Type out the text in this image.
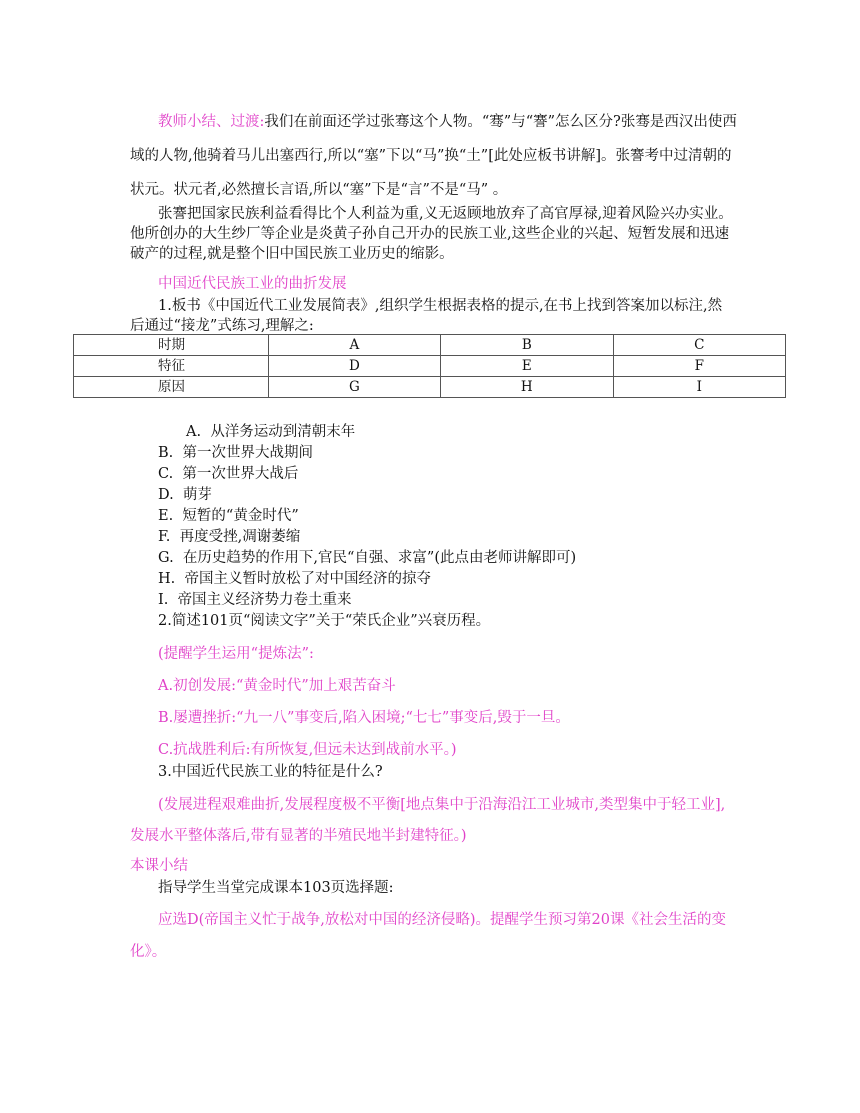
教师小结、过渡:我们在前面还学过张骞这个人物。“骞”与“謇”怎么区分?张骞是西汉出使西
域的人物,他骑着马儿出塞西行,所以“塞”下以“马”换“土”[此处应板书讲解]。张謇考中过清朝的
状元。状元者,必然擅长言语,所以“塞”下是“言”不是“马” 。
张謇把国家民族利益看得比个人利益为重,义无返顾地放弃了高官厚禄,迎着风险兴办实业。
他所创办的大生纱厂等企业是炎黄子孙自己开办的民族工业,这些企业的兴起、短暂发展和迅速
破产的过程,就是整个旧中国民族工业历史的缩影。
中国近代民族工业的曲折发展
1.板书《中国近代工业发展简表》,组织学生根据表格的提示,在书上找到答案加以标注,然
后通过“接龙”式练习,理解之:
时期	A	B	C
特征	D	E	F
原因	G	H	I
A. 从洋务运动到清朝末年
B. 第一次世界大战期间
C. 第一次世界大战后
D. 萌芽
E. 短暂的“黄金时代”
F. 再度受挫,凋谢萎缩
G. 在历史趋势的作用下,官民“自强、求富”(此点由老师讲解即可)
H. 帝国主义暂时放松了对中国经济的掠夺
I. 帝国主义经济势力卷土重来
2.简述101页“阅读文字”关于“荣氏企业”兴衰历程。
(提醒学生运用“提炼法”:
A.初创发展:“黄金时代”加上艰苦奋斗
B.屡遭挫折:“九一八”事变后,陷入困境;“七七”事变后,毁于一旦。
C.抗战胜利后:有所恢复,但远未达到战前水平。)
3.中国近代民族工业的特征是什么?
(发展进程艰难曲折,发展程度极不平衡[地点集中于沿海沿江工业城市,类型集中于轻工业],
发展水平整体落后,带有显著的半殖民地半封建特征。)
本课小结
指导学生当堂完成课本103页选择题:
应选D(帝国主义忙于战争,放松对中国的经济侵略)。提醒学生预习第20课《社会生活的变
化》。
